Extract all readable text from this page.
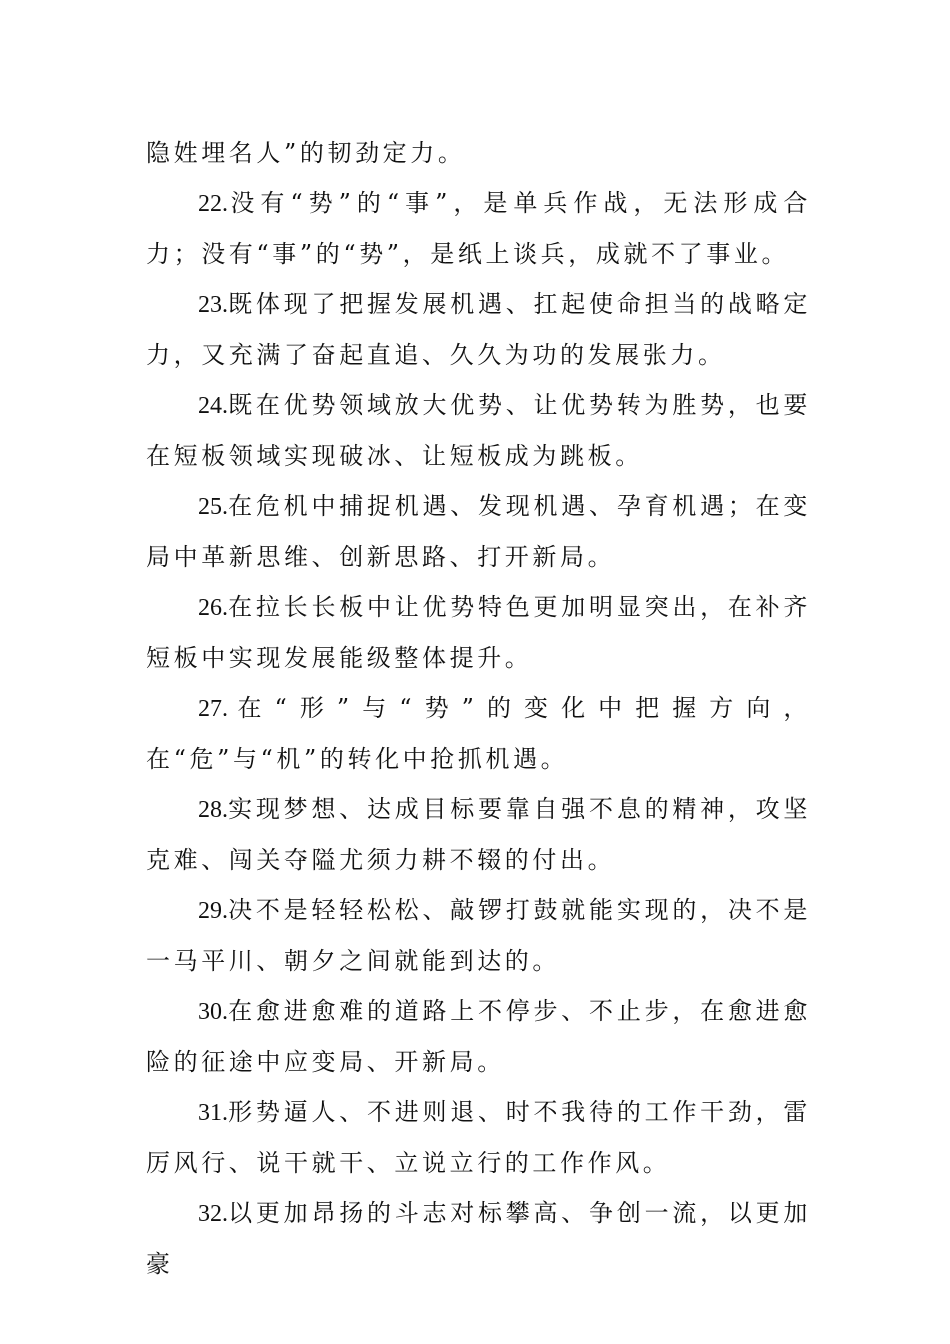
隐姓埋名人”的韧劲定力。

22.没有“势”的“事”，是单兵作战，无法形成合力；没有“事”的“势”，是纸上谈兵，成就不了事业。

23.既体现了把握发展机遇、扛起使命担当的战略定力，又充满了奋起直追、久久为功的发展张力。

24.既在优势领域放大优势、让优势转为胜势，也要在短板领域实现破冰、让短板成为跳板。

25.在危机中捕捉机遇、发现机遇、孕育机遇；在变局中革新思维、创新思路、打开新局。

26.在拉长长板中让优势特色更加明显突出，在补齐短板中实现发展能级整体提升。

27.在“形”与“势”的变化中把握方向，在“危”与“机”的转化中抢抓机遇。

28.实现梦想、达成目标要靠自强不息的精神，攻坚克难、闯关夺隘尤须力耕不辍的付出。

29.决不是轻轻松松、敲锣打鼓就能实现的，决不是一马平川、朝夕之间就能到达的。

30.在愈进愈难的道路上不停步、不止步，在愈进愈险的征途中应变局、开新局。

31.形势逼人、不进则退、时不我待的工作干劲，雷厉风行、说干就干、立说立行的工作作风。

32.以更加昂扬的斗志对标攀高、争创一流，以更加豪
